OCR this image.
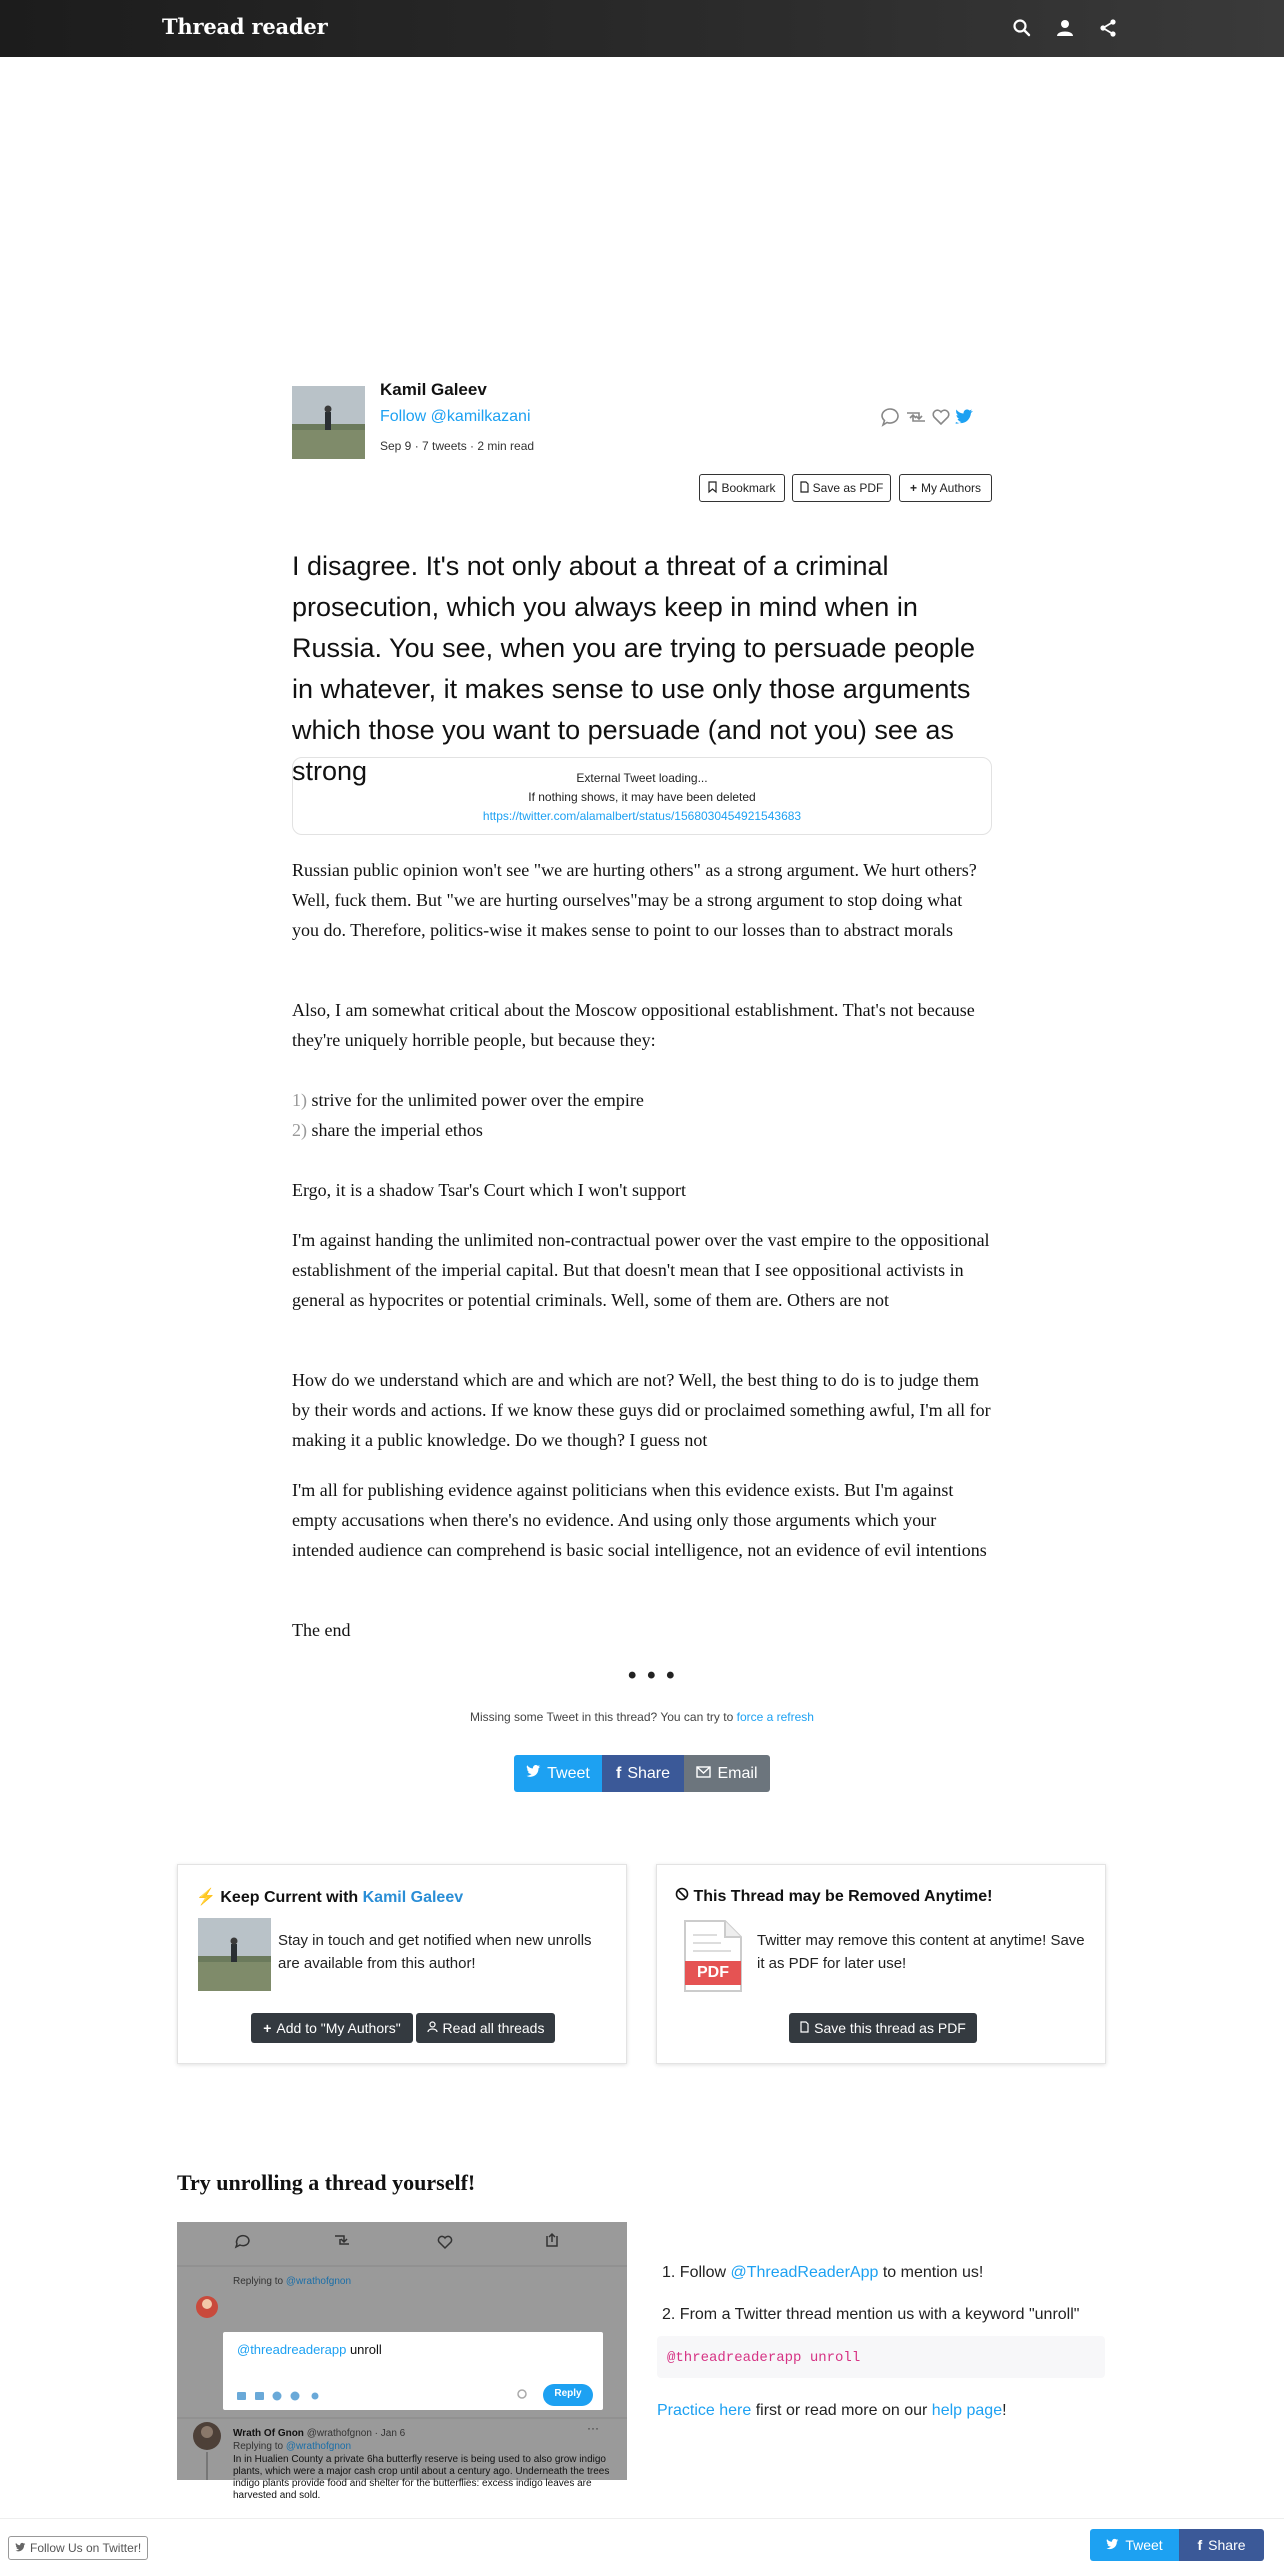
Thread reader
Kamil Galeev
Follow @kamilkazani
Sep 9 · 7 tweets · 2 min read
Bookmark	Save as PDF + My Authors
I disagree. It's not only about a threat of a criminal prosecution, which you always keep in mind when in Russia. You see, when you are trying to persuade people in whatever, it makes sense to use only those arguments which those you want to persuade (and not you) see as strong	External Tweet loading...
If nothing shows, it may have been deleted
https://twitter.com/alamalbert/status/1568030454921543683
Russian public opinion won't see "we are hurting others" as a strong argument. We hurt others? Well, fuck them. But "we are hurting ourselves"may be a strong argument to stop doing what you do. Therefore, politics-wise it makes sense to point to our losses than to abstract morals
Also, I am somewhat critical about the Moscow oppositional establishment. That's not because they're uniquely horrible people, but because they:
1) strive for the unlimited power over the empire
2) share the imperial ethos
Ergo, it is a shadow Tsar's Court which I won't support
I'm against handing the unlimited non-contractual power over the vast empire to the oppositional establishment of the imperial capital. But that doesn't mean that I see oppositional activists in general as hypocrites or potential criminals. Well, some of them are. Others are not
How do we understand which are and which are not? Well, the best thing to do is to judge them by their words and actions. If we know these guys did or proclaimed something awful, I'm all for making it a public knowledge. Do we though? I guess not
I'm all for publishing evidence against politicians when this evidence exists. But I'm against empty accusations when there's no evidence. And using only those arguments which your intended audience can comprehend is basic social intelligence, not an evidence of evil intentions
The end
• • •
Missing some Tweet in this thread? You can try to force a refresh
Tweet f Share	Email
⚡ Keep Current with Kamil Galeev
Stay in touch and get notified when new unrolls are available from this author!
+ Add to "My Authors"	Read all threads
This Thread may be Removed Anytime!
PDF
Twitter may remove this content at anytime! Save it as PDF for later use!
Save this thread as PDF
Try unrolling a thread yourself!
···
Replying to @wrathofgnon
@threadreaderapp unroll
Reply
Wrath Of Gnon @wrathofgnon · Jan 6
Replying to @wrathofgnon
In in Hualien County a private 6ha butterfly reserve is being used to also grow indigo plants, which were a major cash crop until about a century ago. Underneath the trees indigo plants provide food and shelter for the butterflies: excess indigo leaves are harvested and sold.
1. Follow @ThreadReaderApp to mention us!
2. From a Twitter thread mention us with a keyword "unroll"
@threadreaderapp unroll
Practice here first or read more on our help page!
Follow Us on Twitter!	Tweet f Share
